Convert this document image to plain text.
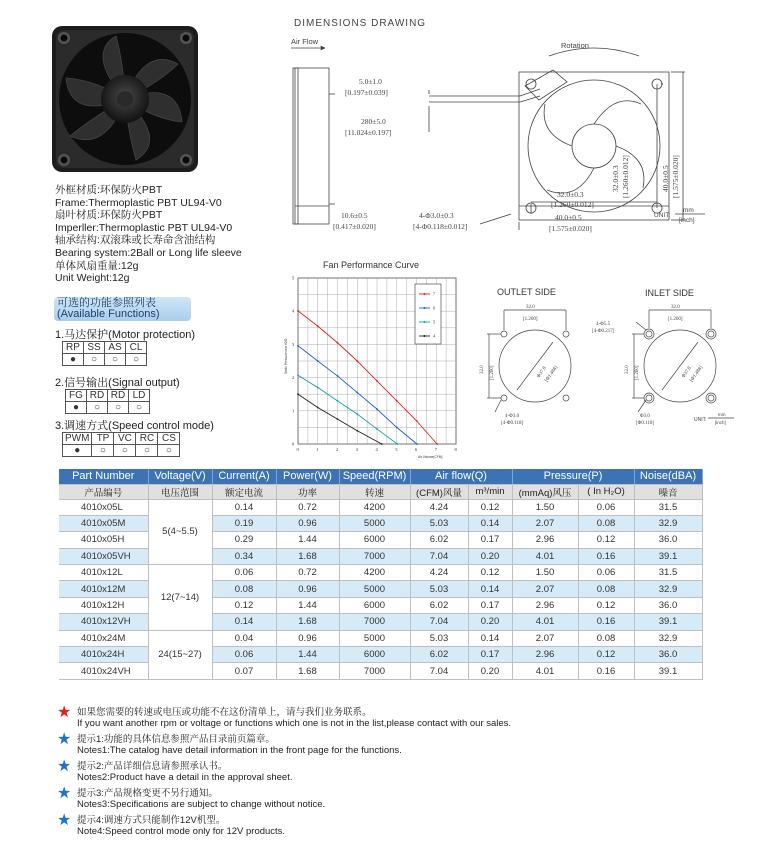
外框材质:环保防火PBT
Frame:Thermoplastic PBT UL94-V0
扇叶材质:环保防火PBT
Imperller:Thermoplastic PBT UL94-V0
轴承结构:双滚珠或长寿命含油结构
Bearing system:2Ball or Long life sleeve
单体风扇重量:12g
Unit Weight:12g
可选的功能参照列表
(Available Functions)
1.马达保护(Motor protection)
RP	SS	AS	CL
●	○	○	○
2.信号输出(Signal output)
FG	RD	$\overline{RD}$	LD
●	○	○	○
3.调速方式(Speed control mode)
PWM	TP	VC	RC	CS
●	○	○	○	○
DIMENSIONS DRAWING
Air Flow	Rotation
5.0±1.0
[0.197±0.039]
280±5.0
[11.024±0.197]
10.6±0.5
[0.417±0.020]
4-Φ3.0±0.3
[4-Φ0.118±0.012]
32.0±0.3
[1.260±0.012]
40.0±0.5
[1.575±0.020]
32.0±0.3 [1.260±0.012]	40.0±0.5 [1.575±0.020]
UNIT:
mm
[inch]
Fan Performance Curve
0	1	2	3	4	5	6	7	8
0
1
2
3
4
5
7
6
5
4
Air Volume(CFM)
Static Pressure mm H2O
OUTLET SIDE
32.0
[1.260]
32.0 [1.260]	Φ37.8
[Φ1.488]
4-Φ3.0
[4-Φ0.118]
INLET SIDE
32.0
[1.260]
4-Φ5.5
[4-Φ0.217]
32.0 [1.260]	Φ37.8
[Φ1.488]
Φ3.0
[Φ0.118]
UNIT:
mm
[inch]
Part Number	Voltage(V)	Current(A)	Power(W)	Speed(RPM)	Air flow(Q)		Pressure(P)		Noise(dBA)
产品编号	电压范围	额定电流	功率	转速	(CFM)风量	m³/min	(mmAq)风压	( In H₂O)	噪音
4010x05L	5(4~5.5)	0.14	0.72	4200	4.24	0.12	1.50	0.06	31.5
4010x05M		0.19	0.96	5000	5.03	0.14	2.07	0.08	32.9
4010x05H		0.29	1.44	6000	6.02	0.17	2.96	0.12	36.0
4010x05VH		0.34	1.68	7000	7.04	0.20	4.01	0.16	39.1
4010x12L	12(7~14)	0.06	0.72	4200	4.24	0.12	1.50	0.06	31.5
4010x12M		0.08	0.96	5000	5.03	0.14	2.07	0.08	32.9
4010x12H		0.12	1.44	6000	6.02	0.17	2.96	0.12	36.0
4010x12VH		0.14	1.68	7000	7.04	0.20	4.01	0.16	39.1
4010x24M	24(15~27)	0.04	0.96	5000	5.03	0.14	2.07	0.08	32.9
4010x24H		0.06	1.44	6000	6.02	0.17	2.96	0.12	36.0
4010x24VH		0.07	1.68	7000	7.04	0.20	4.01	0.16	39.1
★ 如果您需要的转速或电压或功能不在这份清单上，请与我们业务联系。
If you want another rpm or voltage or functions which one is not in the list,please contact with our sales.
★ 提示1:功能的具体信息参照产品目录前页篇章。
Notes1:The catalog have detail information in the front page for the functions.
★ 提示2:产品详细信息请参照承认书。
Notes2:Product have a detail in the approval sheet.
★ 提示3:产品规格变更不另行通知。
Notes3:Specifications are subject to change without notice.
★ 提示4:调速方式只能制作12V机型。
Note4:Speed control mode only for 12V products.
